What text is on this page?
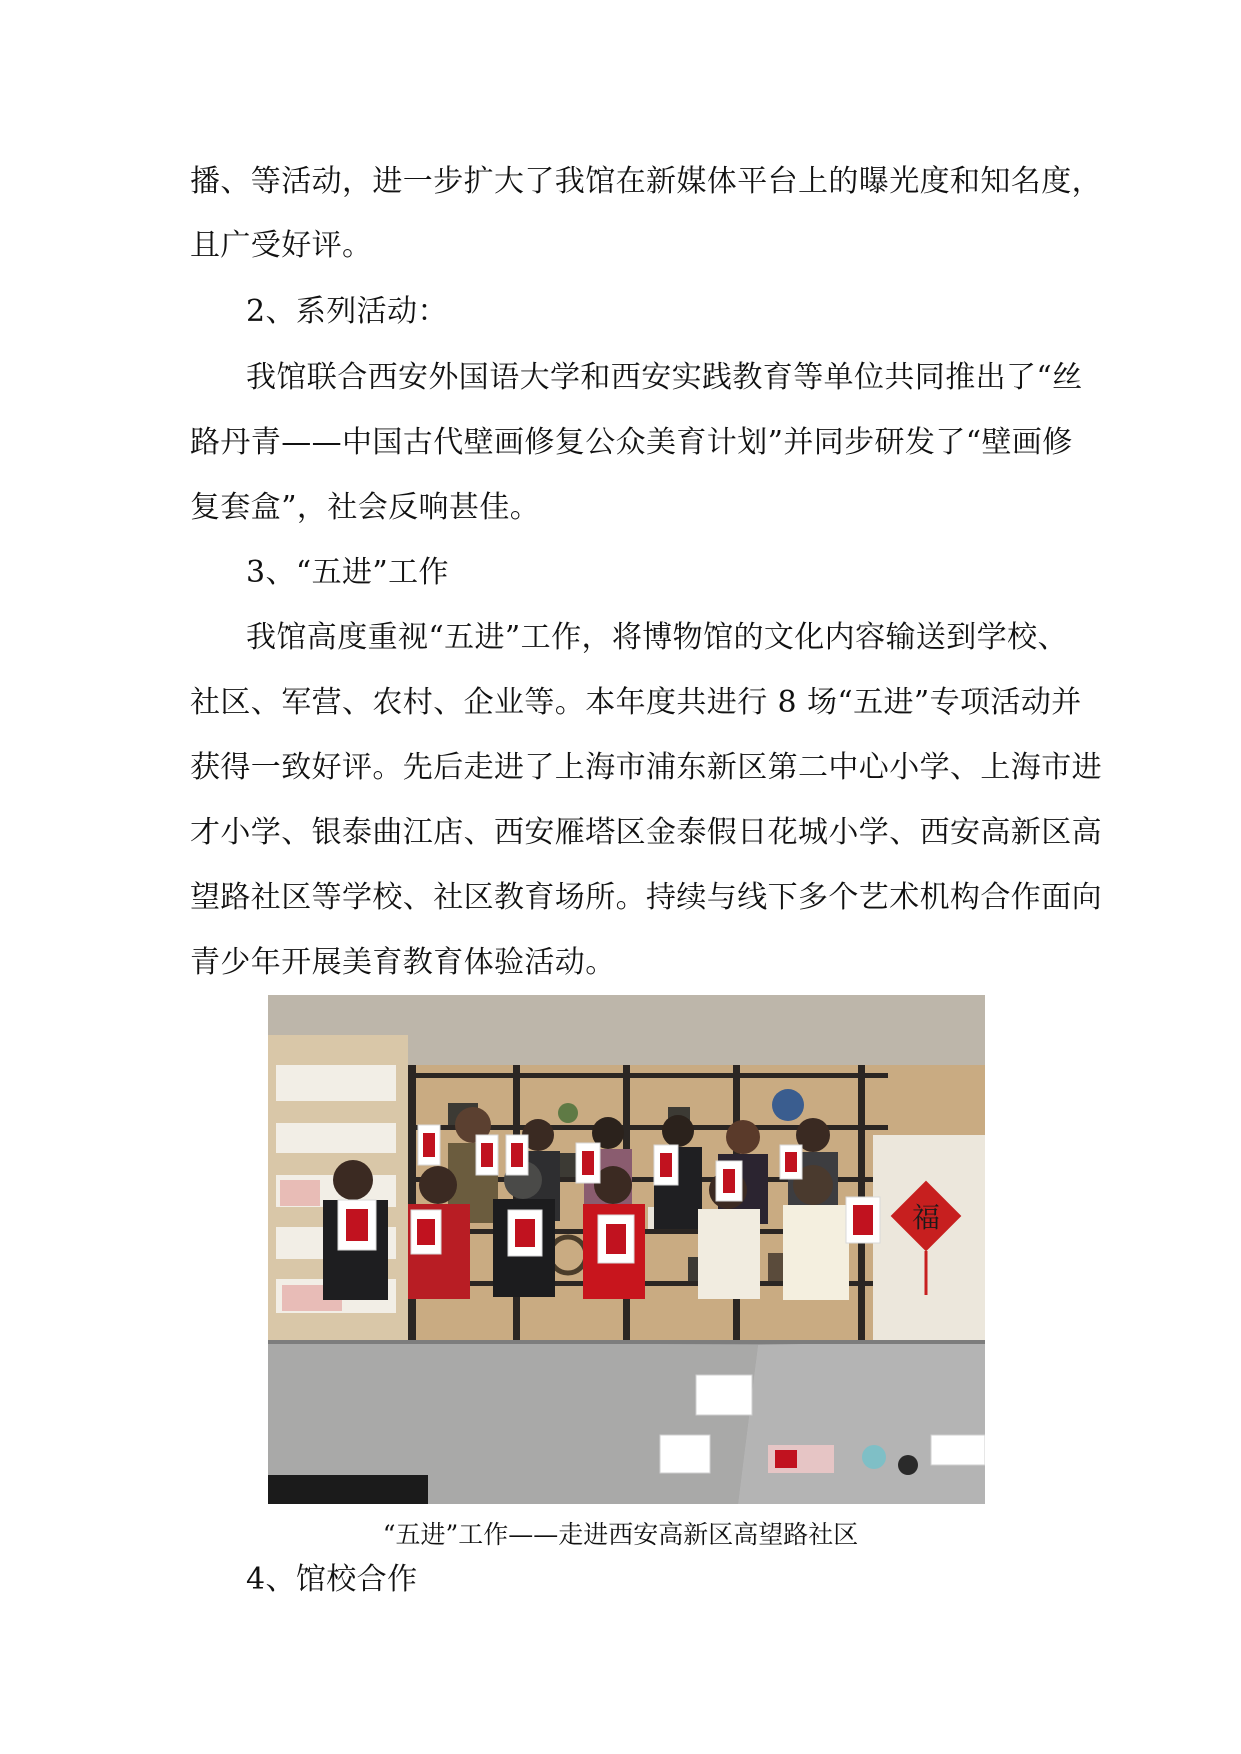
播、等活动，进一步扩大了我馆在新媒体平台上的曝光度和知名度，
且广受好评。
2、系列活动：
我馆联合西安外国语大学和西安实践教育等单位共同推出了“丝
路丹青——中国古代壁画修复公众美育计划”并同步研发了“壁画修
复套盒”，社会反响甚佳。
3、“五进”工作
我馆高度重视“五进”工作，将博物馆的文化内容输送到学校、
社区、军营、农村、企业等。本年度共进行 8 场“五进”专项活动并
获得一致好评。先后走进了上海市浦东新区第二中心小学、上海市进
才小学、银泰曲江店、西安雁塔区金泰假日花城小学、西安高新区高
望路社区等学校、社区教育场所。持续与线下多个艺术机构合作面向
青少年开展美育教育体验活动。
福
“五进”工作——走进西安高新区高望路社区
4、馆校合作
